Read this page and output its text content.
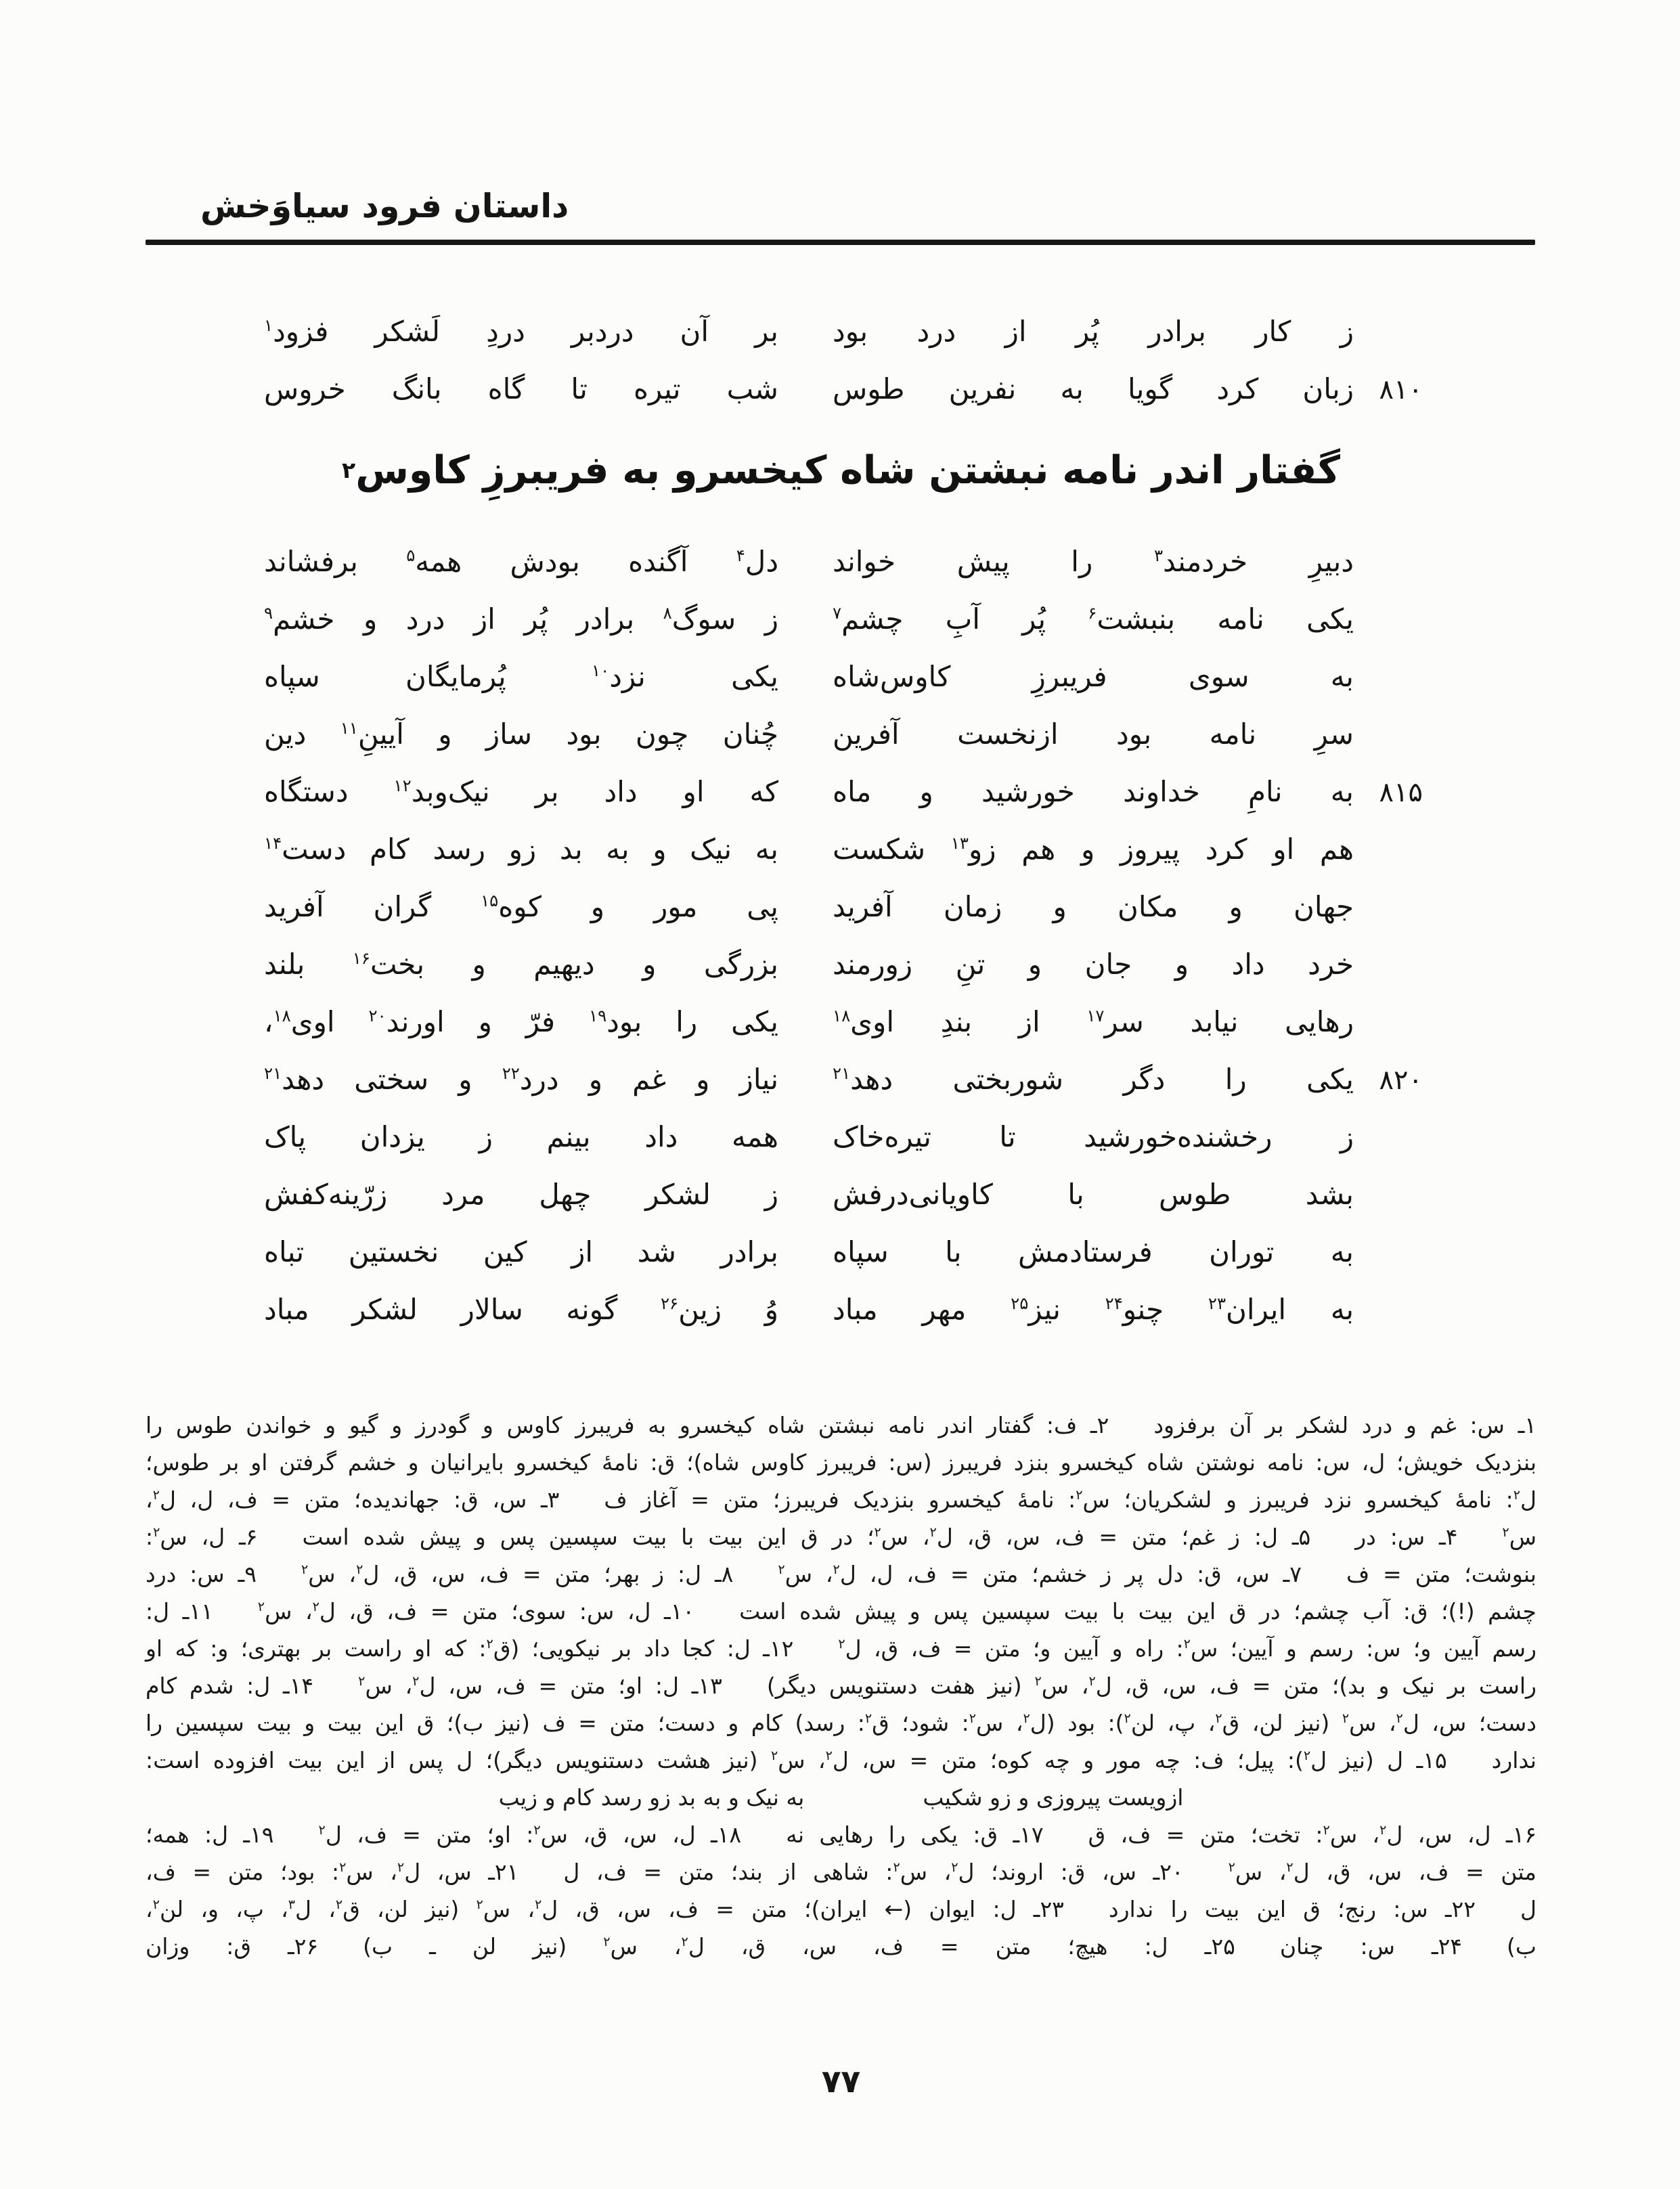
داستان فرود سیاوَخش
ز کار برادر پُر از درد بود
بر آن دردبر دردِ لَشکر فزود$^۱$
۸۱۰
زبان کرد گویا به نفرین طوس
شب تیره تا گاه بانگ خروس
گفتار اندر نامه نبشتن شاه کیخسرو به فریبرزِ کاوس
۲
دبیرِ خردمند$^۳$ را پیش خواند
دل$^۴$ آگنده بودش همه$^۵$ برفشاند
یکی نامه بنبشت$^۶$ پُر آبِ چشم$^۷$
ز سوگ$^۸$ برادر پُر از درد و خشم$^۹$
به سوی فریبرزِ کاوس‌شاه
یکی نزد$^{۱۰}$ پُرمایگان سپاه
سرِ نامه بود ازنخست آفرین
چُنان چون بود ساز و آیینِ$^{۱۱}$ دین
۸۱۵
به نامِ خداوند خورشید و ماه
که او داد بر نیک‌وبد$^{۱۲}$ دستگاه
هم او کرد پیروز و هم زو$^{۱۳}$ شکست
به نیک و به بد زو رسد کام دست$^{۱۴}$
جهان و مکان و زمان آفرید
پی مور و کوه$^{۱۵}$ گران آفرید
خرد داد و جان و تنِ زورمند
بزرگی و دیهیم و بخت$^{۱۶}$ بلند
رهایی نیابد سر$^{۱۷}$ از بندِ اوی$^{۱۸}$
یکی را بود$^{۱۹}$ فرّ و اورند$^{۲۰}$ اوی$^{۱۸}$،
۸۲۰
یکی را دگر شوربختی دهد$^{۲۱}$
نیاز و غم و درد$^{۲۲}$ و سختی دهد$^{۲۱}$
ز رخشنده‌خورشید تا تیره‌خاک
همه داد بینم ز یزدان پاک
بشد طوس با کاویانی‌درفش
ز لشکر چهل مرد زرّینه‌کفش
به توران فرستادمش با سپاه
برادر شد از کین نخستین تباه
به ایران$^{۲۳}$ چنو$^{۲۴}$ نیز$^{۲۵}$ مهر مباد
وُ زین$^{۲۶}$ گونه سالار لشکر مباد
۱ـ س: غم و درد لشکر بر آن برفزود  ۲ـ ف: گفتار اندر نامه نبشتن شاه کیخسرو به فریبرز کاوس و گودرز و گیو و خواندن طوس را
بنزدیک خویش؛ ل، س: نامه نوشتن شاه کیخسرو بنزد فریبرز (س: فریبرز کاوس شاه)؛ ق: نامهٔ کیخسرو بایرانیان و خشم گرفتن او بر طوس؛
ل$^۲$: نامهٔ کیخسرو نزد فریبرز و لشکریان؛ س$^۲$: نامهٔ کیخسرو بنزدیک فریبرز؛ متن = آغاز ف  ۳ـ س، ق: جهاندیده؛ متن = ف، ل، ل$^۲$،
س$^۲$  ۴ـ س: در  ۵ـ ل: ز غم؛ متن = ف، س، ق، ل$^۲$، س$^۲$؛ در ق این بیت با بیت سپسین پس و پیش شده است  ۶ـ ل، س$^۲$:
بنوشت؛ متن = ف  ۷ـ س، ق: دل پر ز خشم؛ متن = ف، ل، ل$^۲$، س$^۲$  ۸ـ ل: ز بهر؛ متن = ف، س، ق، ل$^۲$، س$^۲$  ۹ـ س: درد
چشم (!)؛ ق: آب چشم؛ در ق این بیت با بیت سپسین پس و پیش شده است  ۱۰ـ ل، س: سوی؛ متن = ف، ق، ل$^۲$، س$^۲$  ۱۱ـ ل:
رسم آیین و؛ س: رسم و آیین؛ س$^۲$: راه و آیین و؛ متن = ف، ق، ل$^۲$  ۱۲ـ ل: کجا داد بر نیکویی؛ (ق$^۲$: که او راست بر بهتری؛ و: که او
راست بر نیک و بد)؛ متن = ف، س، ق، ل$^۲$، س$^۲$ (نیز هفت دستنویس دیگر)  ۱۳ـ ل: او؛ متن = ف، س، ل$^۲$، س$^۲$  ۱۴ـ ل: شدم کام
دست؛ س، ل$^۲$، س$^۲$ (نیز لن، ق$^۲$، پ، لن$^۲$): بود (ل$^۲$، س$^۲$: شود؛ ق$^۲$: رسد) کام و دست؛ متن = ف (نیز ب)؛ ق این بیت و بیت سپسین را
ندارد  ۱۵ـ ل (نیز ل$^۲$): پیل؛ ف: چه مور و چه کوه؛ متن = س، ل$^۲$، س$^۲$ (نیز هشت دستنویس دیگر)؛ ل پس از این بیت افزوده است:
ازویست پیروزی و زو شکیب
به نیک و به بد زو رسد کام و زیب
۱۶ـ ل، س، ل$^۲$، س$^۲$: تخت؛ متن = ف، ق  ۱۷ـ ق: یکی را رهایی نه  ۱۸ـ ل، س، ق، س$^۲$: او؛ متن = ف، ل$^۲$  ۱۹ـ ل: همه؛
متن = ف، س، ق، ل$^۲$، س$^۲$  ۲۰ـ س، ق: اروند؛ ل$^۲$، س$^۲$: شاهی از بند؛ متن = ف، ل  ۲۱ـ س، ل$^۲$، س$^۲$: بود؛ متن = ف،
ل  ۲۲ـ س: رنج؛ ق این بیت را ندارد  ۲۳ـ ل: ایوان (← ایران)؛ متن = ف، س، ق، ل$^۲$، س$^۲$ (نیز لن، ق$^۲$، ل$^۳$، پ، و، لن$^۲$،
ب)  ۲۴ـ س: چنان  ۲۵ـ ل: هیچ؛ متن = ف، س، ق، ل$^۲$، س$^۲$ (نیز لن ـ ب)  ۲۶ـ ق: وزان
۷۷
